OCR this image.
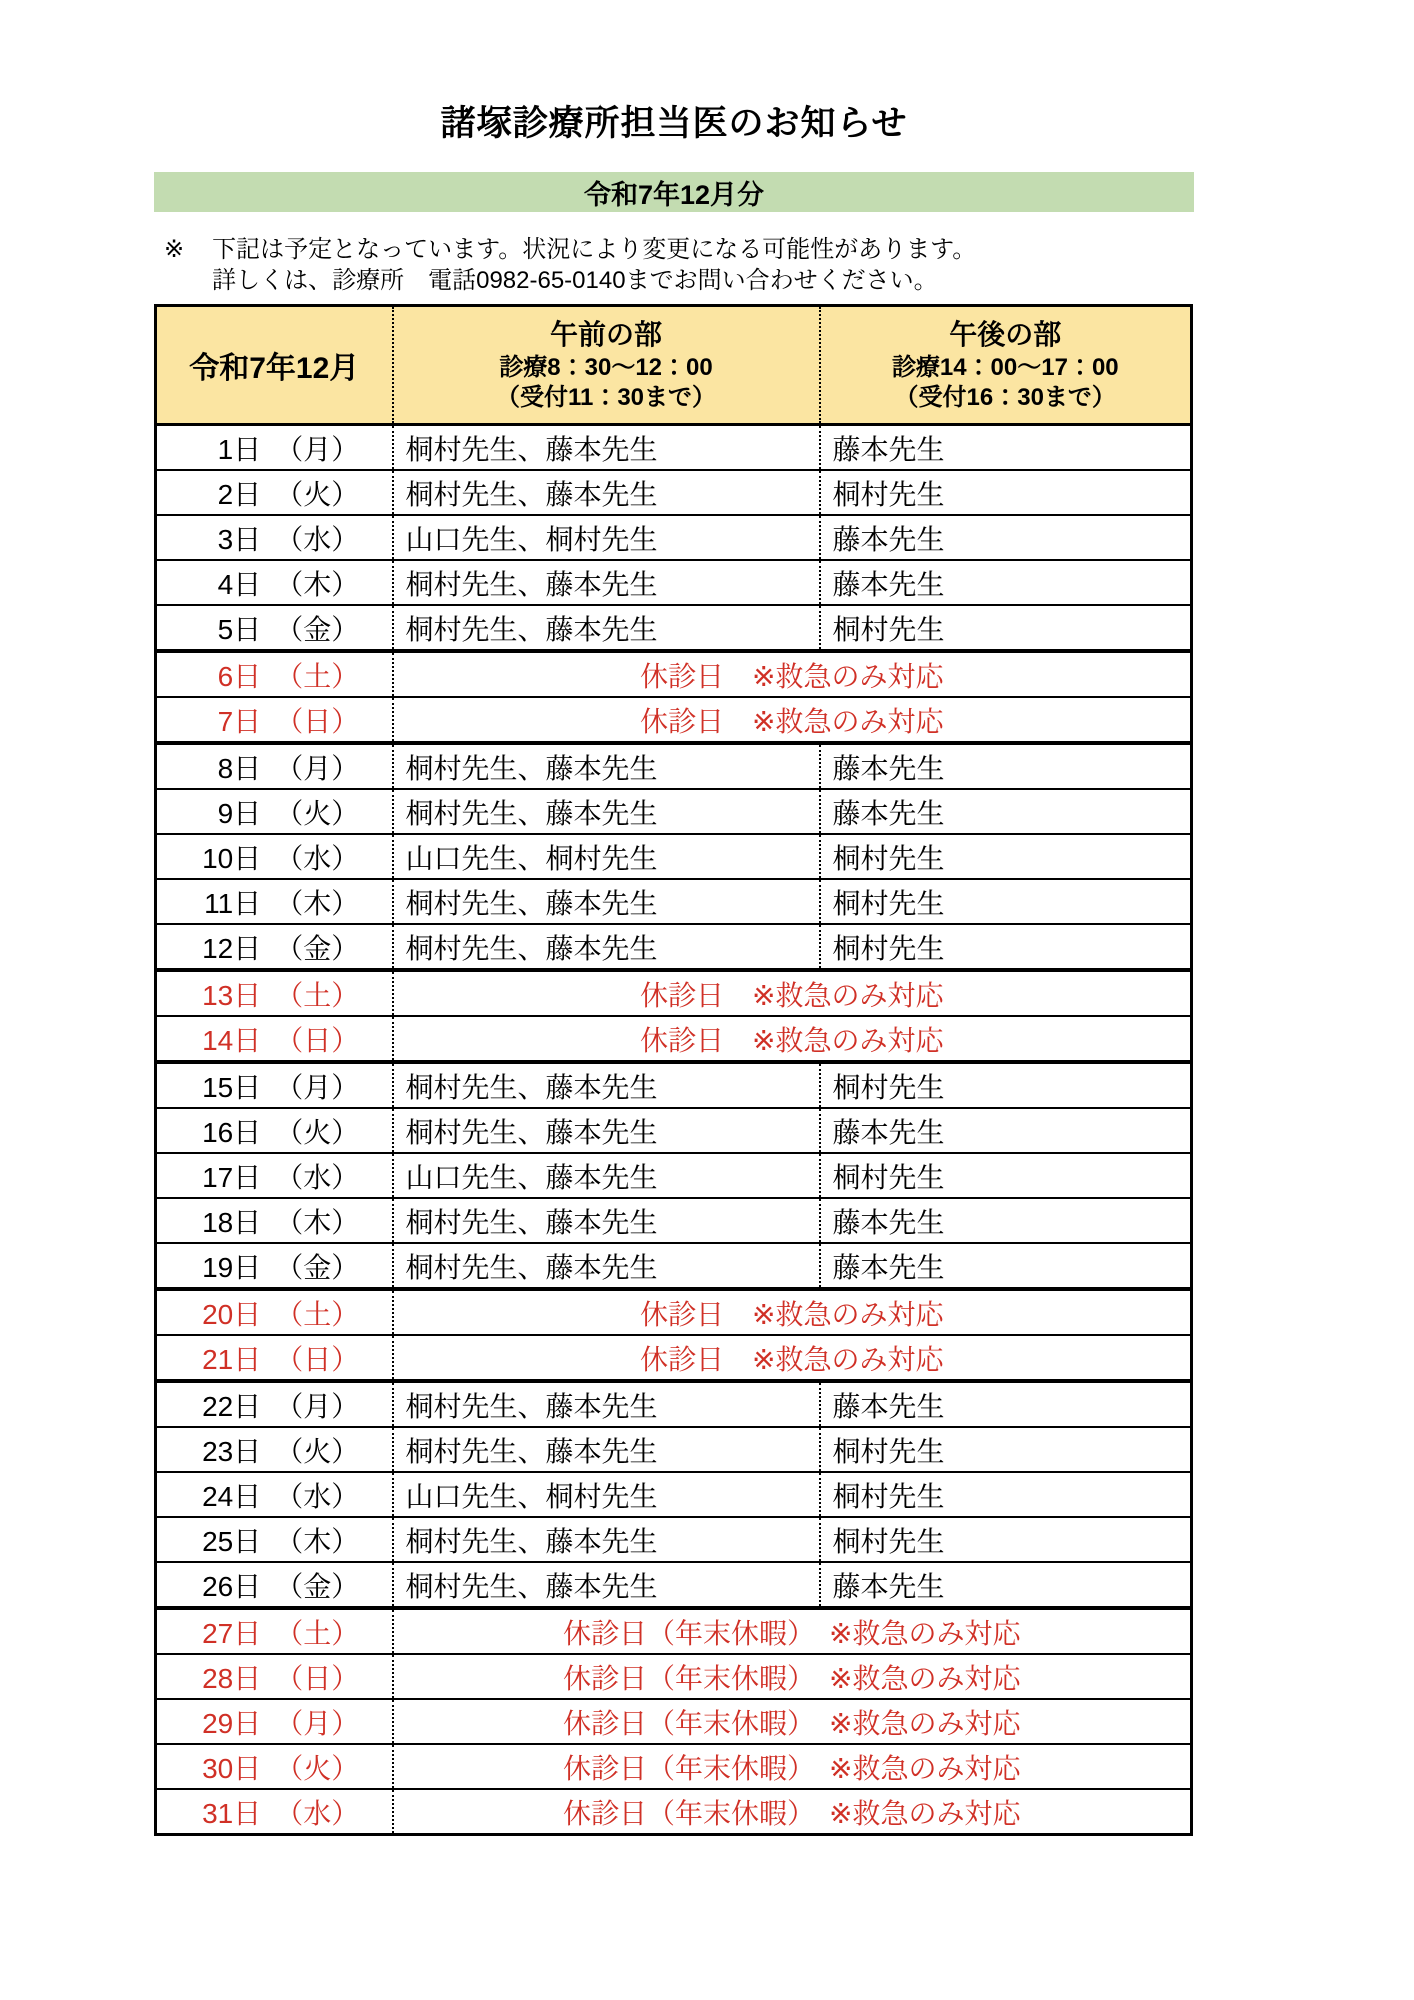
諸塚診療所担当医のお知らせ
令和7年12月分
※ 下記は予定となっています。状況により変更になる可能性があります。
詳しくは、診療所　電話0982-65-0140までお問い合わせください。
令和7年12月

午前の部
診療8：30～12：00
（受付11：30まで）

午後の部
診療14：00～17：00
（受付16：30まで）

1日 （月）	桐村先生、藤本先生	藤本先生
2日 （火）	桐村先生、藤本先生	桐村先生
3日 （水）	山口先生、桐村先生	藤本先生
4日 （木）	桐村先生、藤本先生	藤本先生
5日 （金）	桐村先生、藤本先生	桐村先生
6日 （土）	休診日　※救急のみ対応	
7日 （日）	休診日　※救急のみ対応	
8日 （月）	桐村先生、藤本先生	藤本先生
9日 （火）	桐村先生、藤本先生	藤本先生
10日 （水）	山口先生、桐村先生	桐村先生
11日 （木）	桐村先生、藤本先生	桐村先生
12日 （金）	桐村先生、藤本先生	桐村先生
13日 （土）	休診日　※救急のみ対応	
14日 （日）	休診日　※救急のみ対応	
15日 （月）	桐村先生、藤本先生	桐村先生
16日 （火）	桐村先生、藤本先生	藤本先生
17日 （水）	山口先生、藤本先生	桐村先生
18日 （木）	桐村先生、藤本先生	藤本先生
19日 （金）	桐村先生、藤本先生	藤本先生
20日 （土）	休診日　※救急のみ対応	
21日 （日）	休診日　※救急のみ対応	
22日 （月）	桐村先生、藤本先生	藤本先生
23日 （火）	桐村先生、藤本先生	桐村先生
24日 （水）	山口先生、桐村先生	桐村先生
25日 （木）	桐村先生、藤本先生	桐村先生
26日 （金）	桐村先生、藤本先生	藤本先生
27日 （土）	休診日（年末休暇）　※救急のみ対応	
28日 （日）	休診日（年末休暇）　※救急のみ対応	
29日 （月）	休診日（年末休暇）　※救急のみ対応	
30日 （火）	休診日（年末休暇）　※救急のみ対応	
31日 （水）	休診日（年末休暇）　※救急のみ対応	
